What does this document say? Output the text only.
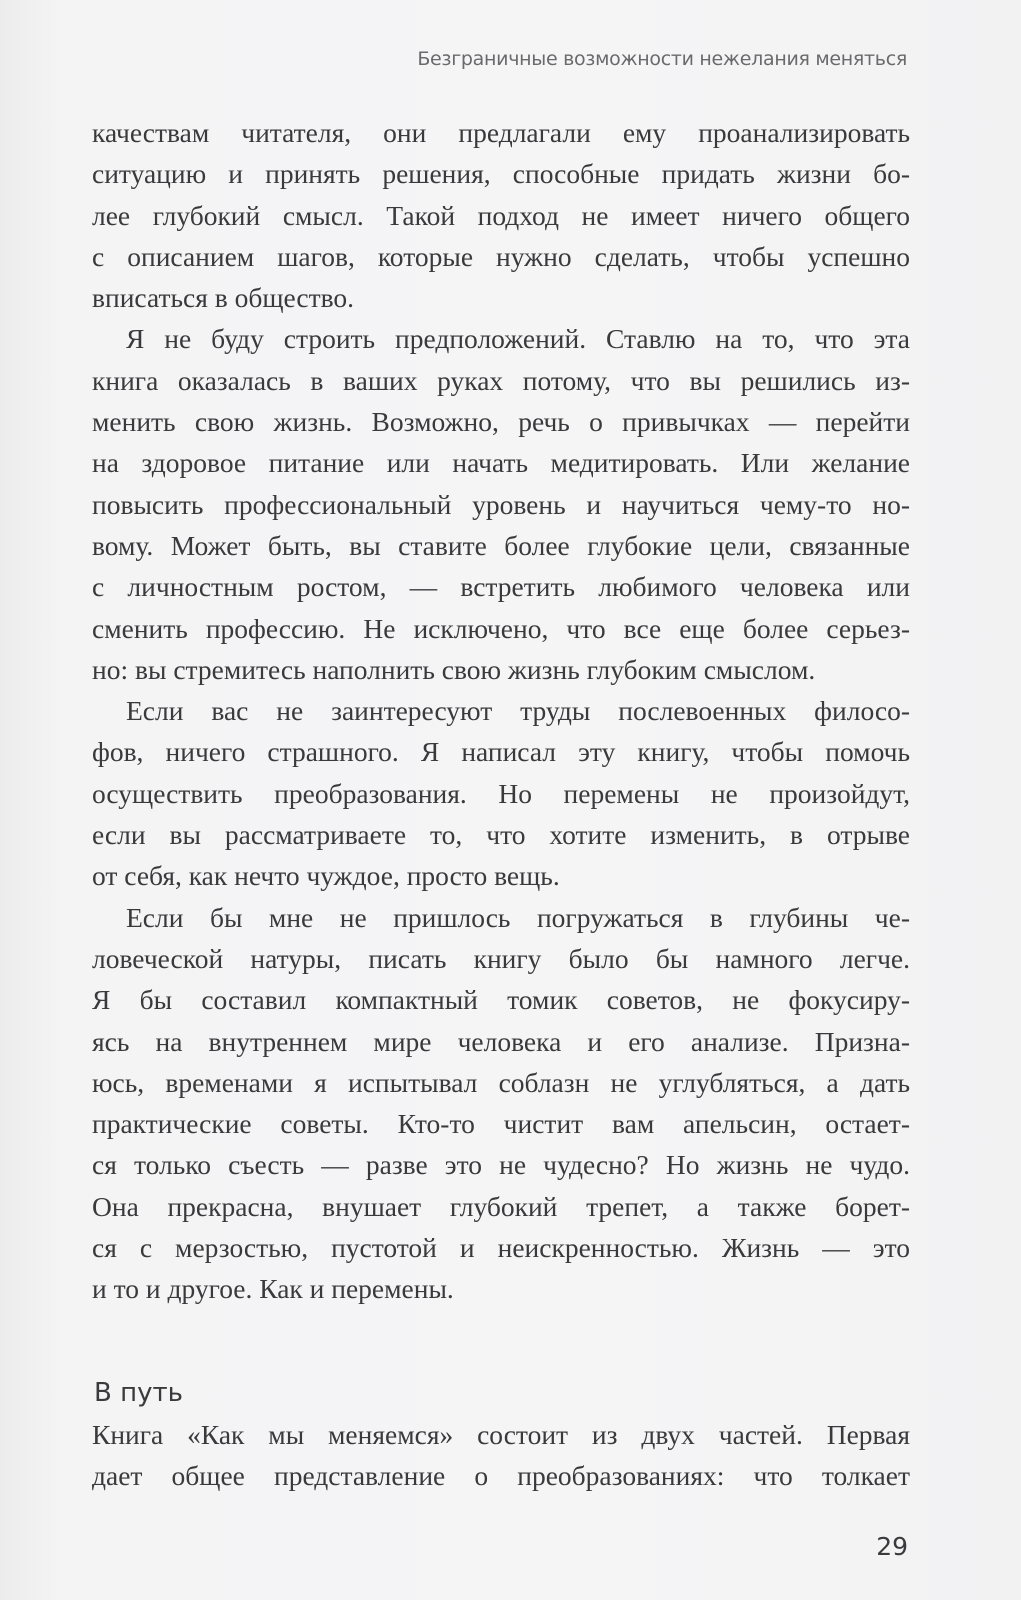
Безграничные возможности нежелания меняться
качествам читателя, они предлагали ему проанализировать
ситуацию и принять решения, способные придать жизни бо-
лее глубокий смысл. Такой подход не имеет ничего общего
с описанием шагов, которые нужно сделать, чтобы успешно
вписаться в общество.
Я не буду строить предположений. Ставлю на то, что эта
книга оказалась в ваших руках потому, что вы решились из-
менить свою жизнь. Возможно, речь о привычках — перейти
на здоровое питание или начать медитировать. Или желание
повысить профессиональный уровень и научиться чему-то но-
вому. Может быть, вы ставите более глубокие цели, связанные
с личностным ростом, — встретить любимого человека или
сменить профессию. Не исключено, что все еще более серьез-
но: вы стремитесь наполнить свою жизнь глубоким смыслом.
Если вас не заинтересуют труды послевоенных филосо-
фов, ничего страшного. Я написал эту книгу, чтобы помочь
осуществить преобразования. Но перемены не произойдут,
если вы рассматриваете то, что хотите изменить, в отрыве
от себя, как нечто чуждое, просто вещь.
Если бы мне не пришлось погружаться в глубины че-
ловеческой натуры, писать книгу было бы намного легче.
Я бы составил компактный томик советов, не фокусиру-
ясь на внутреннем мире человека и его анализе. Призна-
юсь, временами я испытывал соблазн не углубляться, а дать
практические советы. Кто-то чистит вам апельсин, остает-
ся только съесть — разве это не чудесно? Но жизнь не чудо.
Она прекрасна, внушает глубокий трепет, а также борет-
ся с мерзостью, пустотой и неискренностью. Жизнь — это
и то и другое. Как и перемены.
В путь
Книга «Как мы меняемся» состоит из двух частей. Первая
дает общее представление о преобразованиях: что толкает
29
